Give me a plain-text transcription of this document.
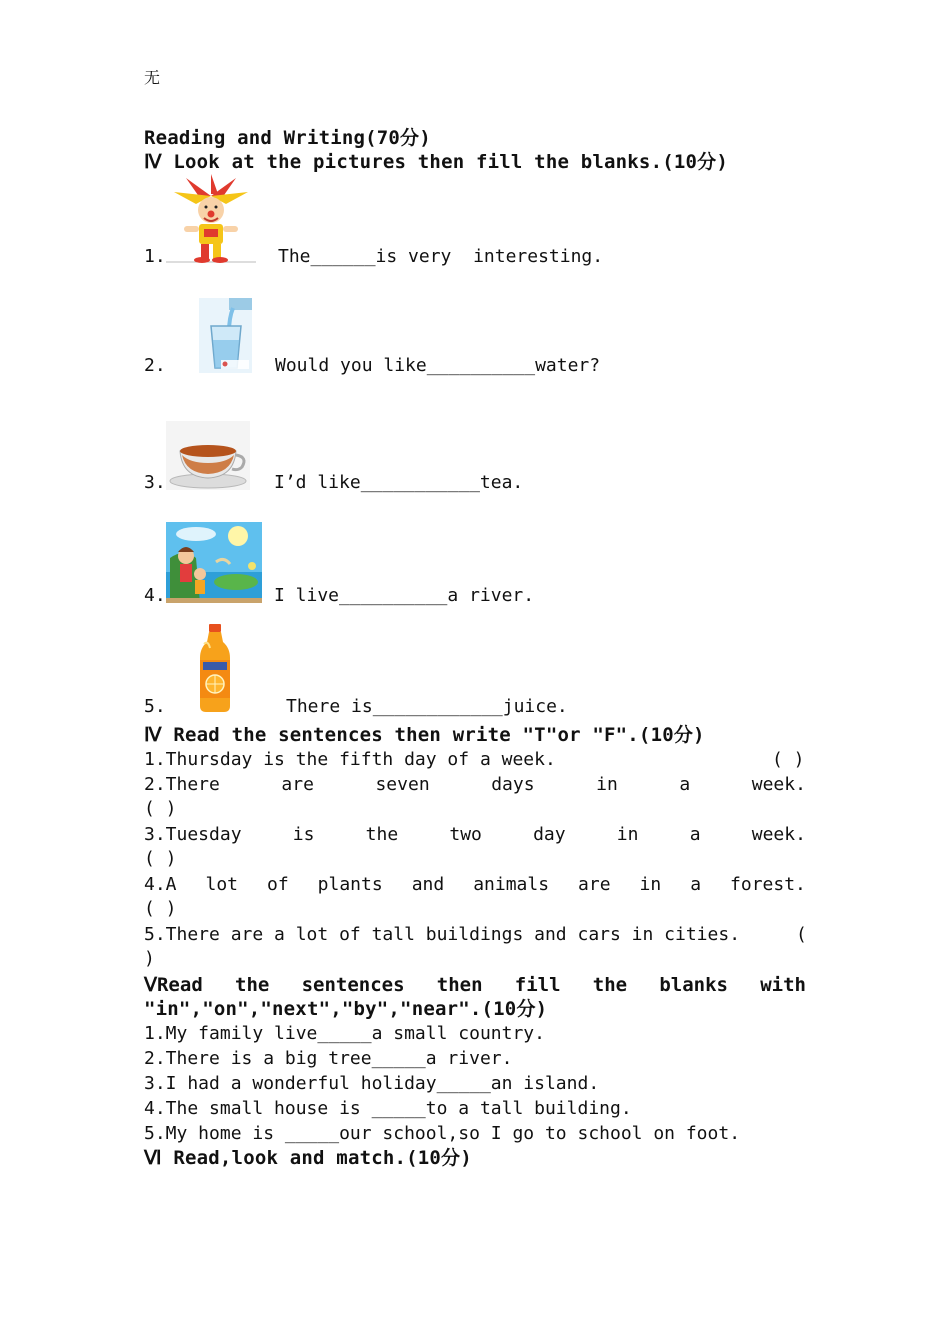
无
Reading and Writing(70分)
Ⅳ Look at the pictures then fill the blanks.(10分)
1.	The______is very  interesting.
2.	Would you like__________water?
3.	I’d like___________tea.
4.	I live__________a river.
5.	There is____________juice.
Ⅳ Read the sentences then write "T"or "F".(10分)
1.Thursday is the fifth day of a week.	( )
2.There	are	seven	days	in	a	week.
( )
3.Tuesday	is	the	two	day	in	a	week.
( )
4.A lot of plants and animals are in a forest.
( )
5.There are a lot of tall buildings and cars in cities.	(
)
ⅤRead the sentences then fill the blanks with
"in","on","next","by","near".(10分)
1.My family live_____a small country.
2.There is a big tree_____a river.
3.I had a wonderful holiday_____an island.
4.The small house is _____to a tall building.
5.My home is _____our school,so I go to school on foot.
Ⅵ Read,look and match.(10分)
